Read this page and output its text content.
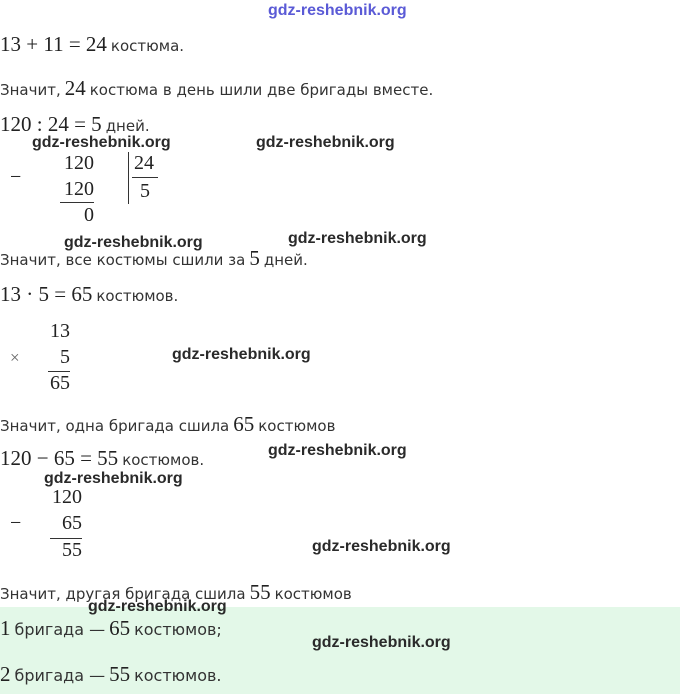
gdz-reshebnik.org
13 + 11 = 24 костюма.
Значит, 24 костюма в день шили две бригады вместе.
120 : 24 = 5 дней.
gdz-reshebnik.org	gdz-reshebnik.org
−
120
120
0
24
5
gdz-reshebnik.org	gdz-reshebnik.org
Значит, все костюмы сшили за 5 дней.
13 · 5 = 65 костюмов.
×
13
5
65
gdz-reshebnik.org
Значит, одна бригада сшила 65 костюмов
120 − 65 = 55 костюмов.
gdz-reshebnik.org
gdz-reshebnik.org
−
120
65
55	gdz-reshebnik.org
Значит, другая бригада сшила 55 костюмов
gdz-reshebnik.org
1 бригада — 65 костюмов;
gdz-reshebnik.org
2 бригада — 55 костюмов.
